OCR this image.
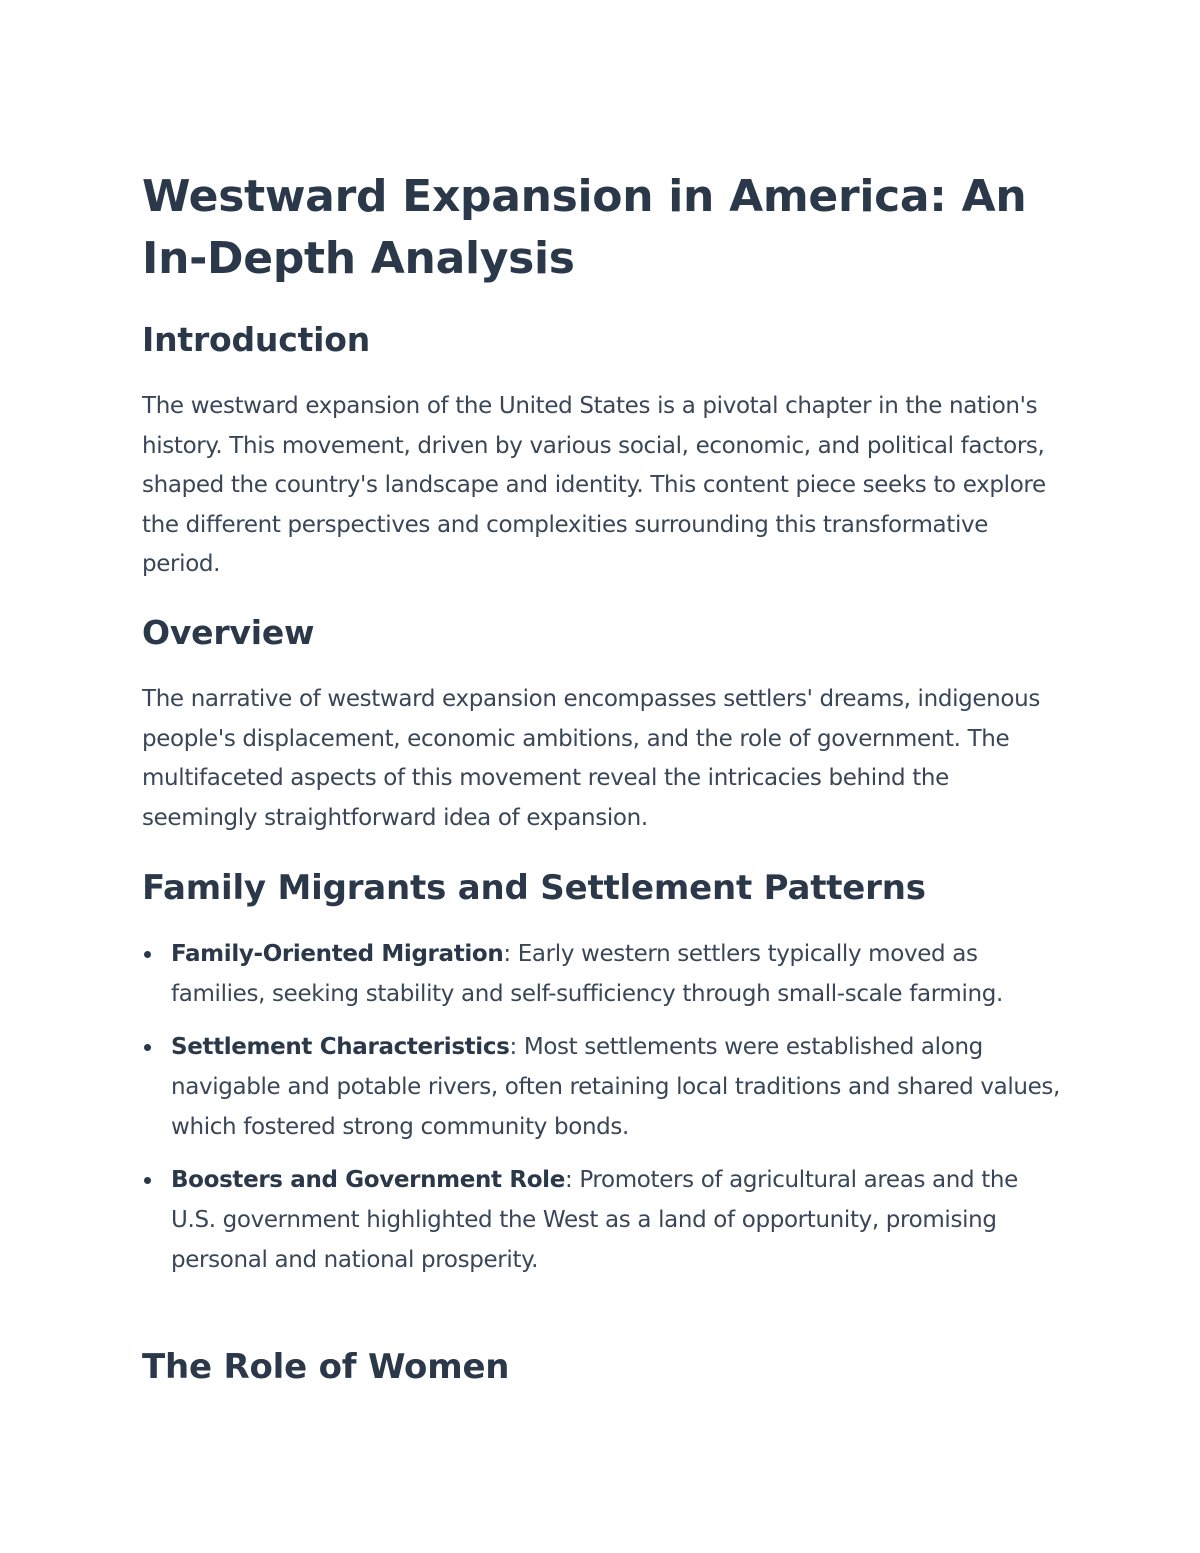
Westward Expansion in America: An In-Depth Analysis
Introduction

The westward expansion of the United States is a pivotal chapter in the nation's history. This movement, driven by various social, economic, and political factors, shaped the country's landscape and identity. This content piece seeks to explore the different perspectives and complexities surrounding this transformative period.

Overview

The narrative of westward expansion encompasses settlers' dreams, indigenous people's displacement, economic ambitions, and the role of government. The multifaceted aspects of this movement reveal the intricacies behind the seemingly straightforward idea of expansion.

Family Migrants and Settlement Patterns
Family-Oriented Migration: Early western settlers typically moved as families, seeking stability and self-sufficiency through small-scale farming.
Settlement Characteristics: Most settlements were established along navigable and potable rivers, often retaining local traditions and shared values, which fostered strong community bonds.
Boosters and Government Role: Promoters of agricultural areas and the U.S. government highlighted the West as a land of opportunity, promising personal and national prosperity.
The Role of Women
